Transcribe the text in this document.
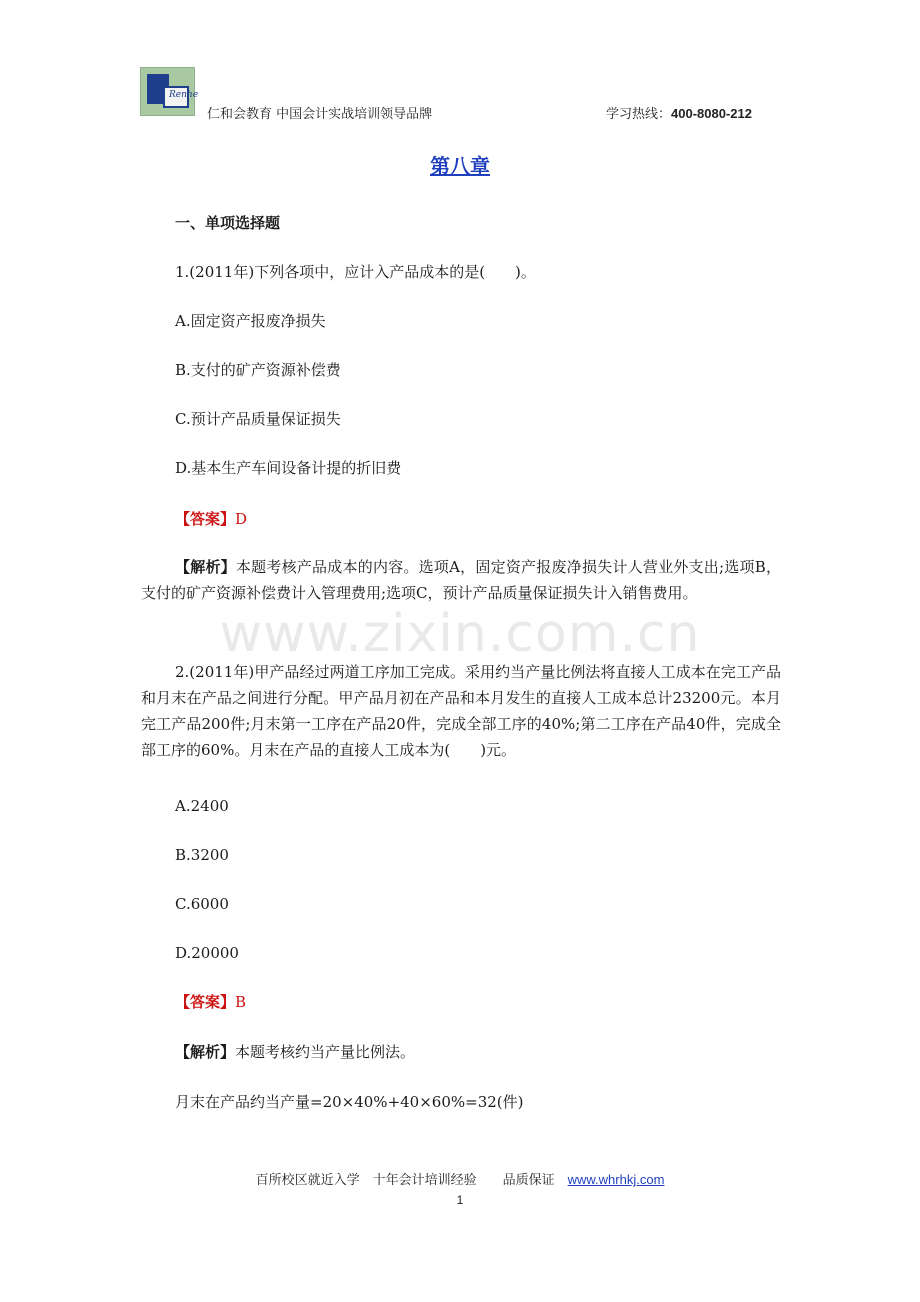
Renhe
仁和会教育 中国会计实战培训领导品牌	学习热线：400-8080-212
第八章
一、单项选择题
1.(2011年)下列各项中，应计入产品成本的是(　　)。
A.固定资产报废净损失
B.支付的矿产资源补偿费
C.预计产品质量保证损失
D.基本生产车间设备计提的折旧费
【答案】D
【解析】本题考核产品成本的内容。选项A，固定资产报废净损失计人营业外支出;选项B，支付的矿产资源补偿费计入管理费用;选项C，预计产品质量保证损失计入销售费用。
www.zixin.com.cn
2.(2011年)甲产品经过两道工序加工完成。采用约当产量比例法将直接人工成本在完工产品和月末在产品之间进行分配。甲产品月初在产品和本月发生的直接人工成本总计23200元。本月完工产品200件;月末第一工序在产品20件，完成全部工序的40%;第二工序在产品40件，完成全部工序的60%。月末在产品的直接人工成本为(　　)元。
A.2400
B.3200
C.6000
D.20000
【答案】B
【解析】本题考核约当产量比例法。
月末在产品约当产量=20×40%+40×60%=32(件)
百所校区就近入学　十年会计培训经验　　品质保证　www.whrhkj.com
1
